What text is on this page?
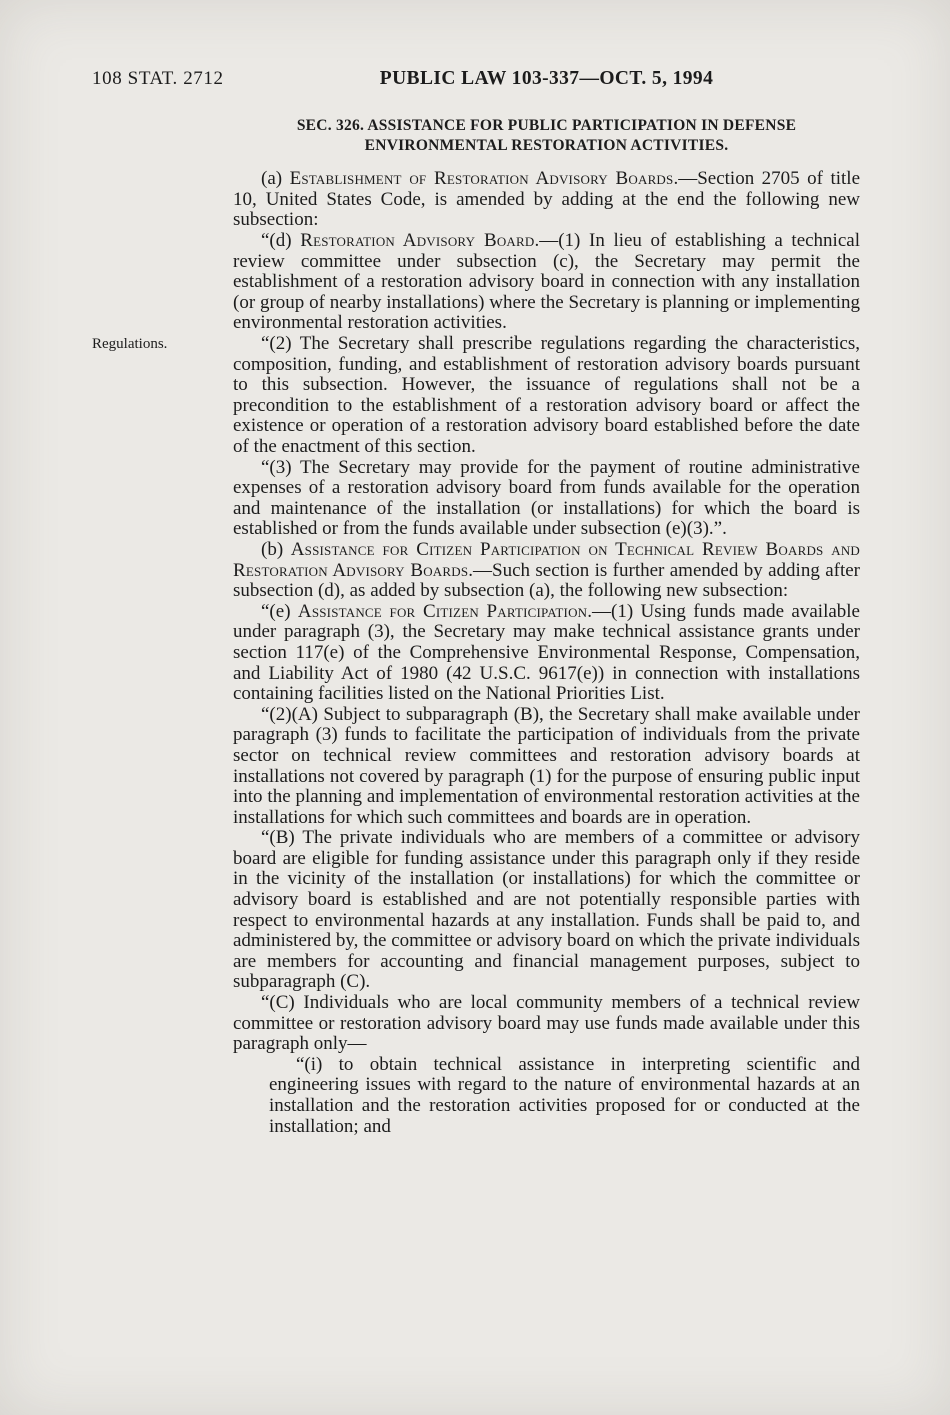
108 STAT. 2712	PUBLIC LAW 103-337—OCT. 5, 1994
SEC. 326. ASSISTANCE FOR PUBLIC PARTICIPATION IN DEFENSE
ENVIRONMENTAL RESTORATION ACTIVITIES.

(a) Establishment of Restoration Advisory Boards.—Section 2705 of title 10, United States Code, is amended by adding at the end the following new subsection:

“(d) Restoration Advisory Board.—(1) In lieu of establishing a technical review committee under subsection (c), the Secretary may permit the establishment of a restoration advisory board in connection with any installation (or group of nearby installations) where the Secretary is planning or implementing environmental restoration activities.

Regulations.	“(2) The Secretary shall prescribe regulations regarding the characteristics, composition, funding, and establishment of restoration advisory boards pursuant to this subsection. However, the issuance of regulations shall not be a precondition to the establishment of a restoration advisory board or affect the existence or operation of a restoration advisory board established before the date of the enactment of this section.

“(3) The Secretary may provide for the payment of routine administrative expenses of a restoration advisory board from funds available for the operation and maintenance of the installation (or installations) for which the board is established or from the funds available under subsection (e)(3).”.

(b) Assistance for Citizen Participation on Technical Review Boards and Restoration Advisory Boards.—Such section is further amended by adding after subsection (d), as added by subsection (a), the following new subsection:

“(e) Assistance for Citizen Participation.—(1) Using funds made available under paragraph (3), the Secretary may make technical assistance grants under section 117(e) of the Comprehensive Environmental Response, Compensation, and Liability Act of 1980 (42 U.S.C. 9617(e)) in connection with installations containing facilities listed on the National Priorities List.

“(2)(A) Subject to subparagraph (B), the Secretary shall make available under paragraph (3) funds to facilitate the participation of individuals from the private sector on technical review committees and restoration advisory boards at installations not covered by paragraph (1) for the purpose of ensuring public input into the planning and implementation of environmental restoration activities at the installations for which such committees and boards are in operation.

“(B) The private individuals who are members of a committee or advisory board are eligible for funding assistance under this paragraph only if they reside in the vicinity of the installation (or installations) for which the committee or advisory board is established and are not potentially responsible parties with respect to environmental hazards at any installation. Funds shall be paid to, and administered by, the committee or advisory board on which the private individuals are members for accounting and financial management purposes, subject to subparagraph (C).

“(C) Individuals who are local community members of a technical review committee or restoration advisory board may use funds made available under this paragraph only—

“(i) to obtain technical assistance in interpreting scientific and engineering issues with regard to the nature of environmental hazards at an installation and the restoration activities proposed for or conducted at the installation; and
